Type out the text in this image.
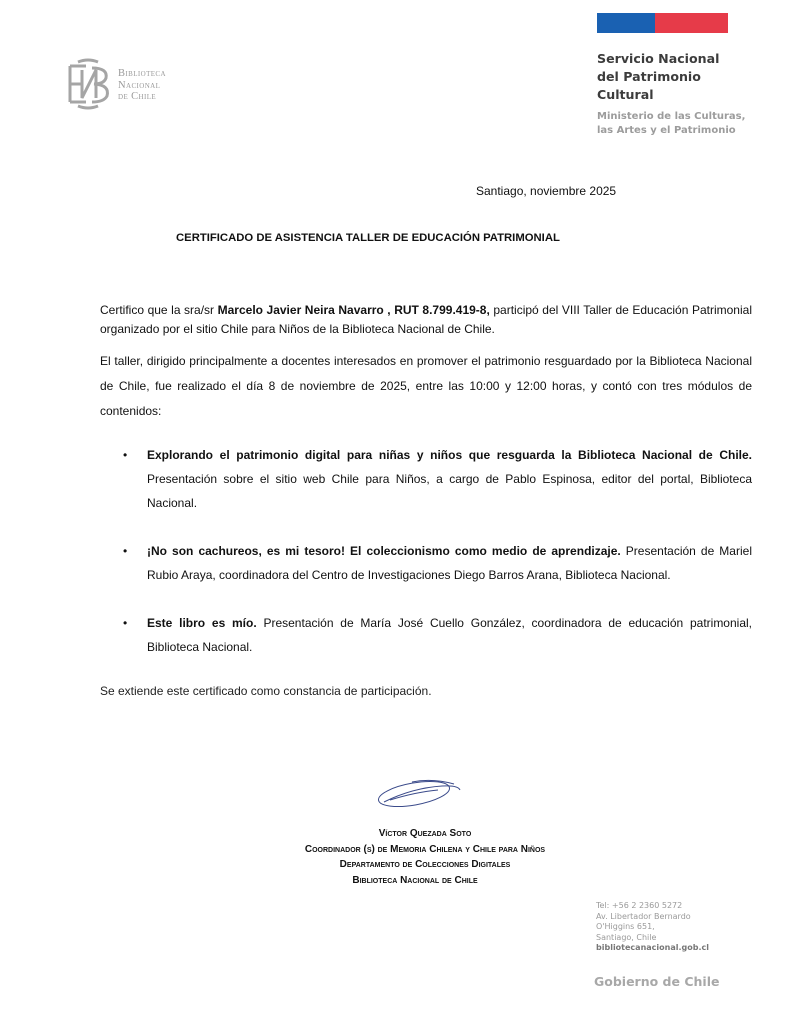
Biblioteca
Nacional
de Chile
Servicio Nacional
del Patrimonio
Cultural
Ministerio de las Culturas,
las Artes y el Patrimonio
Santiago, noviembre 2025
CERTIFICADO DE ASISTENCIA TALLER DE EDUCACIÓN PATRIMONIAL
Certifico que la sra/sr Marcelo Javier Neira Navarro , RUT 8.799.419-8, participó del VIII Taller de Educación Patrimonial organizado por el sitio Chile para Niños de la Biblioteca Nacional de Chile.
El taller, dirigido principalmente a docentes interesados en promover el patrimonio resguardado por la Biblioteca Nacional de Chile, fue realizado el día 8 de noviembre de 2025, entre las 10:00 y 12:00 horas, y contó con tres módulos de contenidos:
• Explorando el patrimonio digital para niñas y niños que resguarda la Biblioteca Nacional de Chile. Presentación sobre el sitio web Chile para Niños, a cargo de Pablo Espinosa, editor del portal, Biblioteca Nacional.
• ¡No son cachureos, es mi tesoro! El coleccionismo como medio de aprendizaje. Presentación de Mariel Rubio Araya, coordinadora del Centro de Investigaciones Diego Barros Arana, Biblioteca Nacional.
• Este libro es mío. Presentación de María José Cuello González, coordinadora de educación patrimonial, Biblioteca Nacional.
Se extiende este certificado como constancia de participación.
Víctor Quezada Soto
Coordinador (s) de Memoria Chilena y Chile para Niños
Departamento de Colecciones Digitales
Biblioteca Nacional de Chile
Tel: +56 2 2360 5272
Av. Libertador Bernardo
O'Higgins 651,
Santiago, Chile
bibliotecanacional.gob.cl
Gobierno de Chile
